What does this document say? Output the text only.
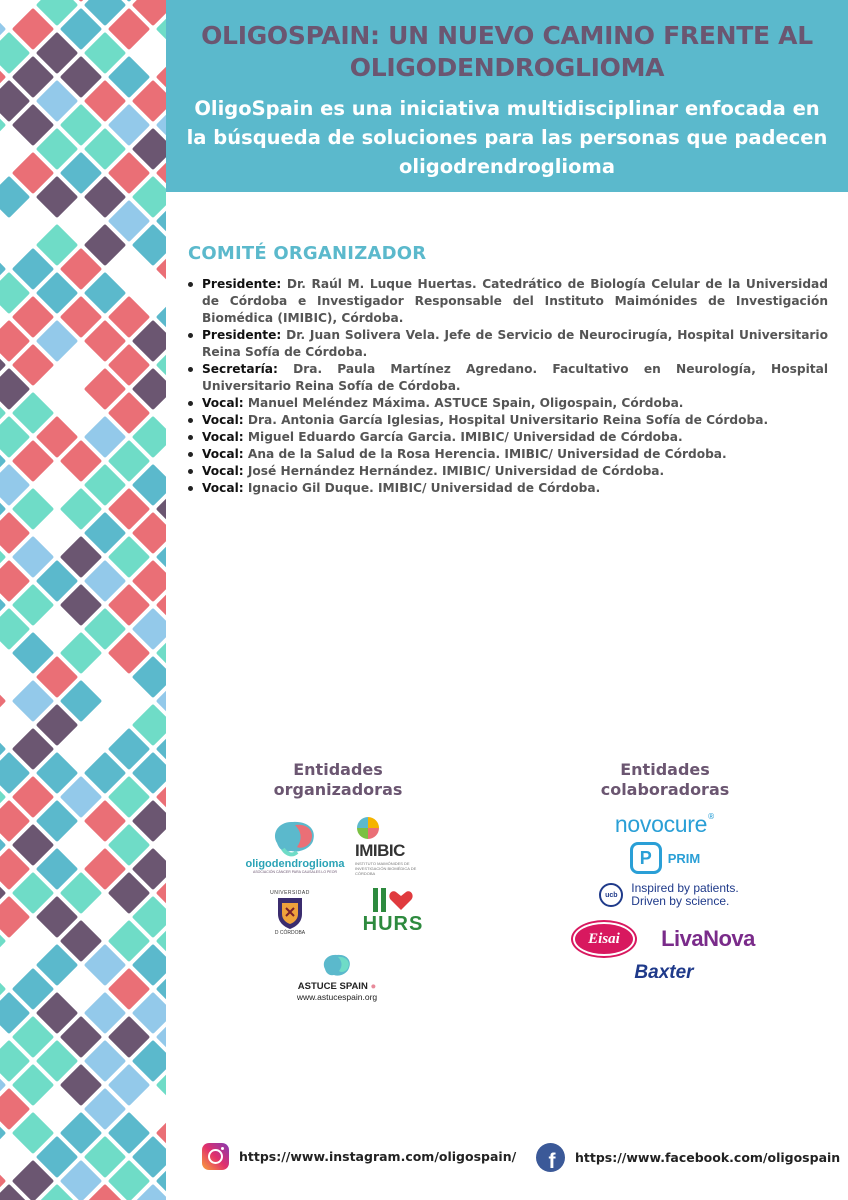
OLIGOSPAIN: UN NUEVO CAMINO FRENTE AL OLIGODENDROGLIOMA
OligoSpain es una iniciativa multidisciplinar enfocada en la búsqueda de soluciones para las personas que padecen oligodrendroglioma
COMITÉ ORGANIZADOR
Presidente: Dr. Raúl M. Luque Huertas. Catedrático de Biología Celular de la Universidad de Córdoba e Investigador Responsable del Instituto Maimónides de Investigación Biomédica (IMIBIC), Córdoba.
Presidente: Dr. Juan Solivera Vela. Jefe de Servicio de Neurocirugía, Hospital Universitario Reina Sofía de Córdoba.
Secretaría: Dra. Paula Martínez Agredano. Facultativo en Neurología, Hospital Universitario Reina Sofía de Córdoba.
Vocal: Manuel Meléndez Máxima. ASTUCE Spain, Oligospain, Córdoba.
Vocal: Dra. Antonia García Iglesias, Hospital Universitario Reina Sofía de Córdoba.
Vocal: Miguel Eduardo García Garcia. IMIBIC/ Universidad de Córdoba.
Vocal: Ana de la Salud de la Rosa Herencia. IMIBIC/ Universidad de Córdoba.
Vocal: José Hernández Hernández. IMIBIC/ Universidad de Córdoba.
Vocal: Ignacio Gil Duque. IMIBIC/ Universidad de Córdoba.
Entidades
organizadoras
oligodendroglioma
ASOCIACIÓN CÁNCER PARA CAUSALES LO PEOR
IMIBIC
INSTITUTO MAIMÓNIDES DE INVESTIGACIÓN BIOMÉDICA DE CÓRDOBA
UNIVERSIDAD
D CÓRDOBA	HURS
ASTUCE SPAIN ●
www.astucespain.org
Entidades
colaboradoras
novocure ®
P	PRIM
ucb	Inspired by patients.
Driven by science.
Eisai LivaNova
Baxter
https://www.instagram.com/oligospain/	f	https://www.facebook.com/oligospain
